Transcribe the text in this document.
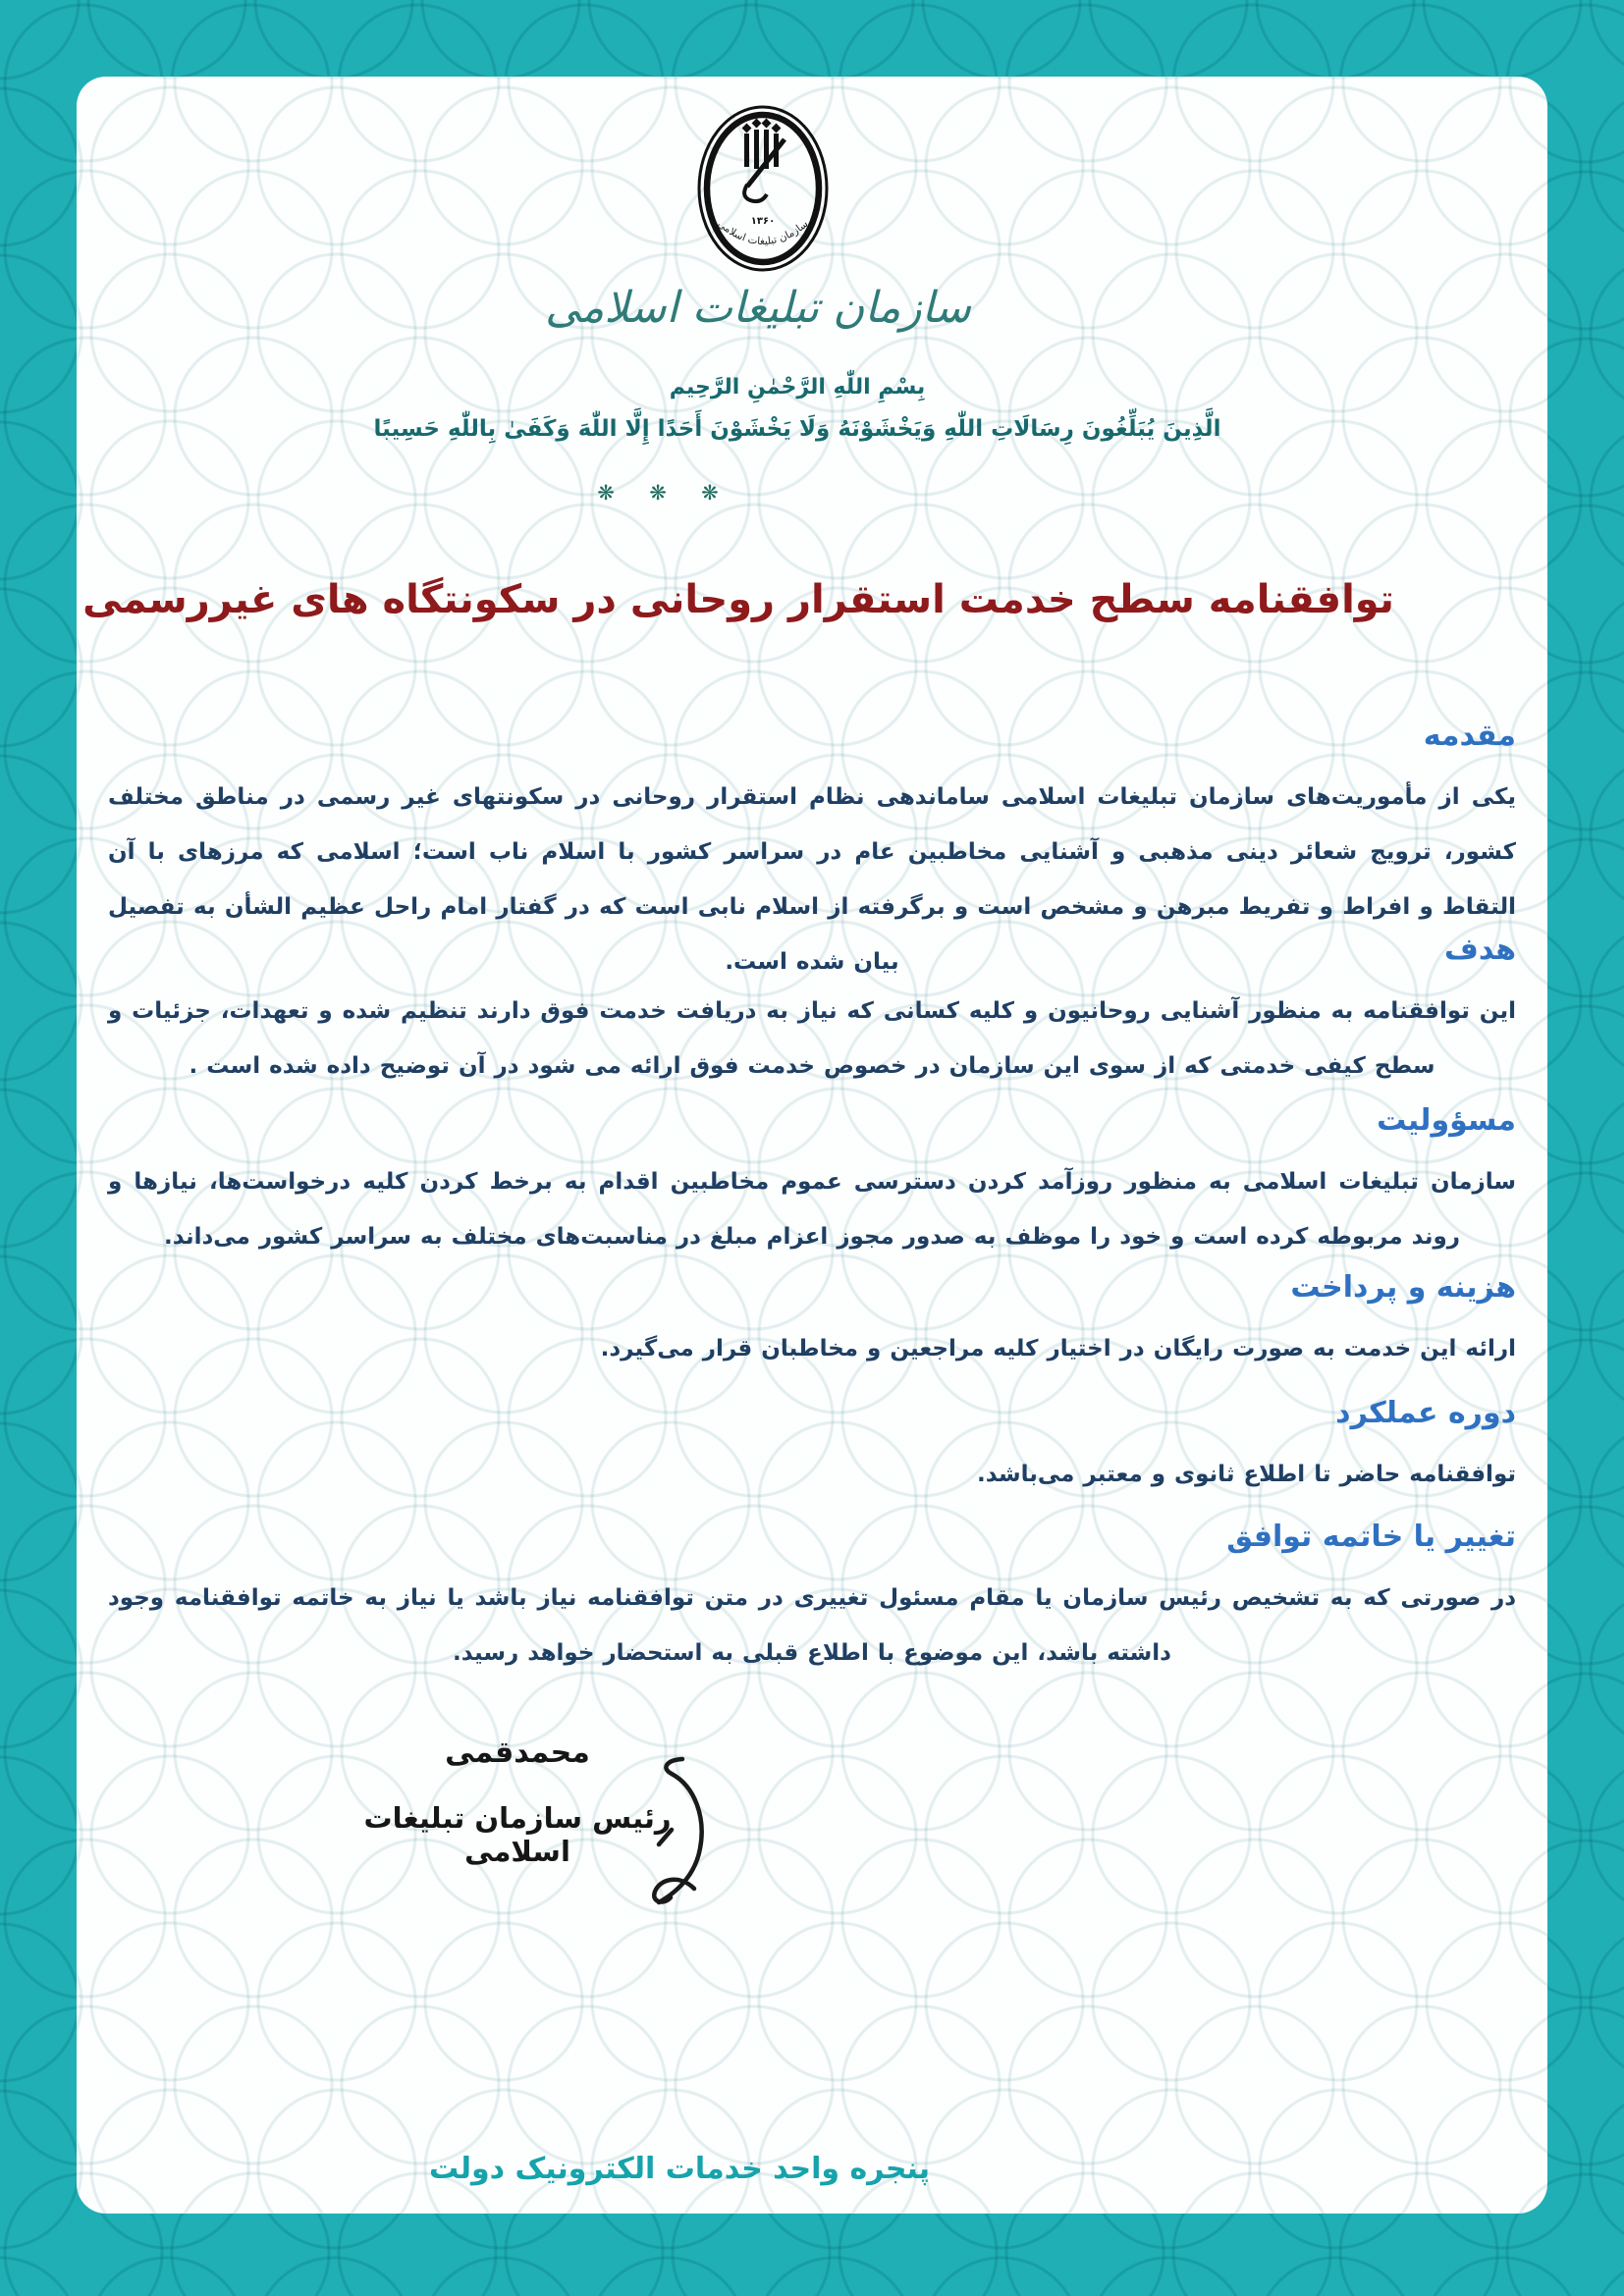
۱۳۶۰
سازمان تبلیغات اسلامی
سازمان تبلیغات اسلامی
بِسْمِ اللّٰهِ الرَّحْمٰنِ الرَّحِیم
الَّذِینَ یُبَلِّغُونَ رِسَالَاتِ اللّٰهِ وَیَخْشَوْنَهُ وَلَا یَخْشَوْنَ أَحَدًا إِلَّا اللّٰهَ وَکَفَىٰ بِاللّٰهِ حَسِیبًا
❋ ❋ ❋
توافقنامه سطح خدمت استقرار روحانی در سکونتگاه های غیررسمی
مقدمه

یکی از مأموریت‌های سازمان تبلیغات اسلامی ساماندهی نظام استقرار روحانی در سکونتهای غیر رسمی در مناطق مختلف کشور، ترویج شعائر دینی مذهبی و آشنایی مخاطبین عام در سراسر کشور با اسلام ناب است؛ اسلامی که مرزهای با آن التقاط و افراط و تفریط مبرهن و مشخص است و برگرفته از اسلام نابی است که در گفتار امام راحل عظیم الشأن به تفصیل بیان شده است.	هدف

این توافقنامه به منظور آشنایی روحانیون و کلیه کسانی که نیاز به دریافت خدمت فوق دارند تنظیم شده و تعهدات، جزئیات و سطح کیفی خدمتی که از سوی این سازمان در خصوص خدمت فوق ارائه می شود در آن توضیح داده شده است .

مسؤولیت

سازمان تبلیغات اسلامی به منظور روزآمد کردن دسترسی عموم مخاطبین اقدام به برخط کردن کلیه درخواست‌ها، نیازها و روند مربوطه کرده است و خود را موظف به صدور مجوز اعزام مبلغ در مناسبت‌های مختلف به سراسر کشور می‌داند.

هزینه و پرداخت

ارائه این خدمت به صورت رایگان در اختیار کلیه مراجعین و مخاطبان قرار می‌گیرد.

دوره عملکرد

توافقنامه حاضر تا اطلاع ثانوی و معتبر می‌باشد.

تغییر یا خاتمه توافق

در صورتی که به تشخیص رئیس سازمان یا مقام مسئول تغییری در متن توافقنامه نیاز باشد یا نیاز به خاتمه توافقنامه وجود داشته باشد، این موضوع با اطلاع قبلی به استحضار خواهد رسید.

محمدقمی
رئیس سازمان تبلیغات اسلامی
پنجره واحد خدمات الکترونیک دولت
